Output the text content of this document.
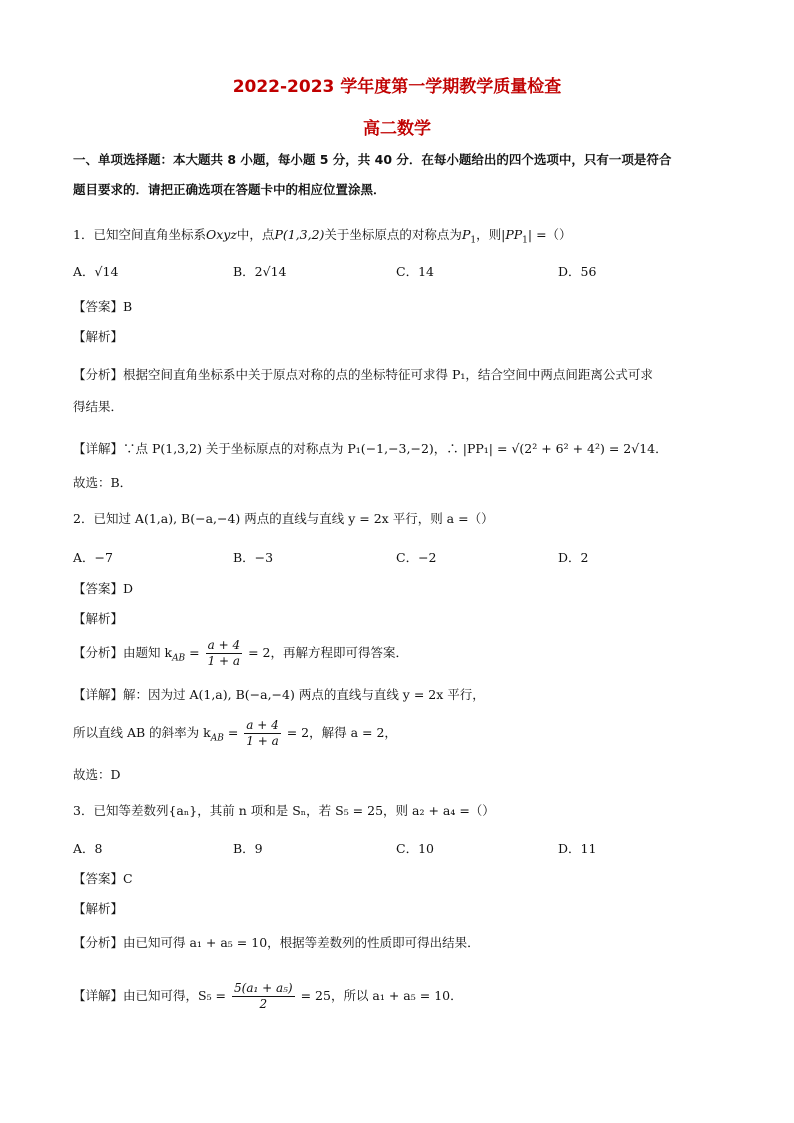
2022-2023 学年度第一学期教学质量检查
高二数学
一、单项选择题：本大题共 8 小题，每小题 5 分，共 40 分．在每小题给出的四个选项中，只有一项是符合
题目要求的．请把正确选项在答题卡中的相应位置涂黑．
1．已知空间直角坐标系Oxyz中，点P(1,3,2)关于坐标原点的对称点为$P_1$，则$|PP_1|$ =（）
A．√14	B．2√14	C．14	D．56
【答案】B
【解析】
【分析】根据空间直角坐标系中关于原点对称的点的坐标特征可求得 P₁，结合空间中两点间距离公式可求
得结果．
【详解】∵点 P(1,3,2) 关于坐标原点的对称点为 P₁(−1,−3,−2)，∴ |PP₁| = √(2² + 6² + 4²) = 2√14．
故选：B．
2．已知过 A(1,a), B(−a,−4) 两点的直线与直线 y = 2x 平行，则 a =（）
A．−7	B．−3	C．−2	D．2
【答案】D
【解析】
【分析】由题知 $k_{AB} = \frac{a + 4}{1 + a} = 2$，再解方程即可得答案．
【详解】解：因为过 A(1,a), B(−a,−4) 两点的直线与直线 y = 2x 平行，
所以直线 AB 的斜率为 $k_{AB} = \frac{a + 4}{1 + a} = 2$，解得 a = 2，
故选：D
3．已知等差数列{aₙ}，其前 n 项和是 Sₙ，若 S₅ = 25，则 a₂ + a₄ =（）
A．8	B．9	C．10	D．11
【答案】C
【解析】
【分析】由已知可得 a₁ + a₅ = 10，根据等差数列的性质即可得出结果．
【详解】由已知可得，$S_5 = \frac{\text{5(a₁ + a₅)}}{2} = 25$，所以 a₁ + a₅ = 10．
